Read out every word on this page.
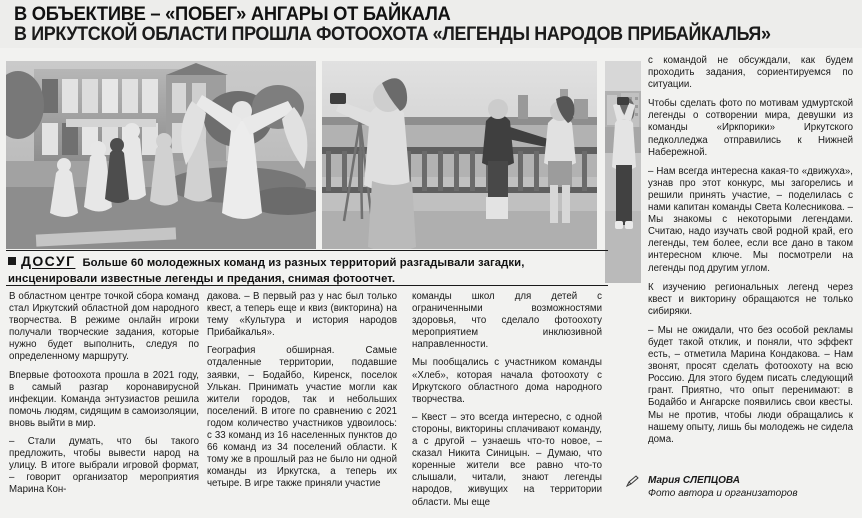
В ОБЪЕКТИВЕ – «ПОБЕГ» АНГАРЫ ОТ БАЙКАЛА
В ИРКУТСКОЙ ОБЛАСТИ ПРОШЛА ФОТООХОТА «ЛЕГЕНДЫ НАРОДОВ ПРИБАЙКАЛЬЯ»
ДОСУГ Больше 60 молодежных команд из разных территорий разгадывали загадки, инсценировали известные легенды и предания, снимая фотоотчет.

В областном центре точкой сбора команд стал Иркутский областной дом народного творчества. В режиме онлайн игроки получали творческие задания, которые нужно будет выполнить, следуя по определенному маршруту.

Впервые фотоохота прошла в 2021 году, в самый разгар коронавирусной инфекции. Команда энтузиастов решила помочь людям, сидящим в самоизоляции, вновь выйти в мир.

– Стали думать, что бы такого предложить, чтобы вывести народ на улицу. В итоге выбрали игровой формат, – говорит организатор мероприятия Марина Кон-

дакова. – В первый раз у нас был только квест, а теперь еще и квиз (викторина) на тему «Культура и история народов Прибайкалья».

География обширная. Самые отдаленные территории, подавшие заявки, – Бодайбо, Киренск, поселок Улькан. Принимать участие могли как жители городов, так и небольших поселений. В итоге по сравнению с 2021 годом количество участников удвоилось: с 33 команд из 16 населенных пунктов до 66 команд из 34 поселений области. К тому же в прошлый раз не было ни одной команды из Иркутска, а теперь их четыре. В игре также приняли участие

команды школ для детей с ограниченными возможностями здоровья, что сделало фотоохоту мероприятием инклюзивной направленности.

Мы пообщались с участником команды «Хлеб», которая начала фотоохоту с Иркутского областного дома народного творчества.

– Квест – это всегда интересно, с одной стороны, викторины сплачивают команду, а с другой – узнаешь что-то новое, – сказал Никита Синицын. – Думаю, что коренные жители все равно что-то слышали, читали, знают легенды народов, живущих на территории области. Мы еще

с командой не обсуждали, как будем проходить задания, сориентируемся по ситуации.

Чтобы сделать фото по мотивам удмуртской легенды о сотворении мира, девушки из команды «Иркпорики» Иркутского педколледжа отправились к Нижней Набережной.

– Нам всегда интересна какая-то «движуха», узнав про этот конкурс, мы загорелись и решили принять участие, – поделилась с нами капитан команды Света Колесникова. – Мы знакомы с некоторыми легендами. Считаю, надо изучать свой родной край, его легенды, тем более, если все дано в таком интересном ключе. Мы посмотрели на легенды под другим углом.

К изучению региональных легенд через квест и викторину обращаются не только сибиряки.

– Мы не ожидали, что без особой рекламы будет такой отклик, и поняли, что эффект есть, – отметила Марина Кондакова. – Нам звонят, просят сделать фотоохоту на всю Россию. Для этого будем писать следующий грант. Приятно, что опыт перенимают: в Бодайбо и Ангарске появились свои квесты. Мы не против, чтобы люди обращались к нашему опыту, лишь бы молодежь не сидела дома.

Мария СЛЕПЦОВА
Фото автора и организаторов
